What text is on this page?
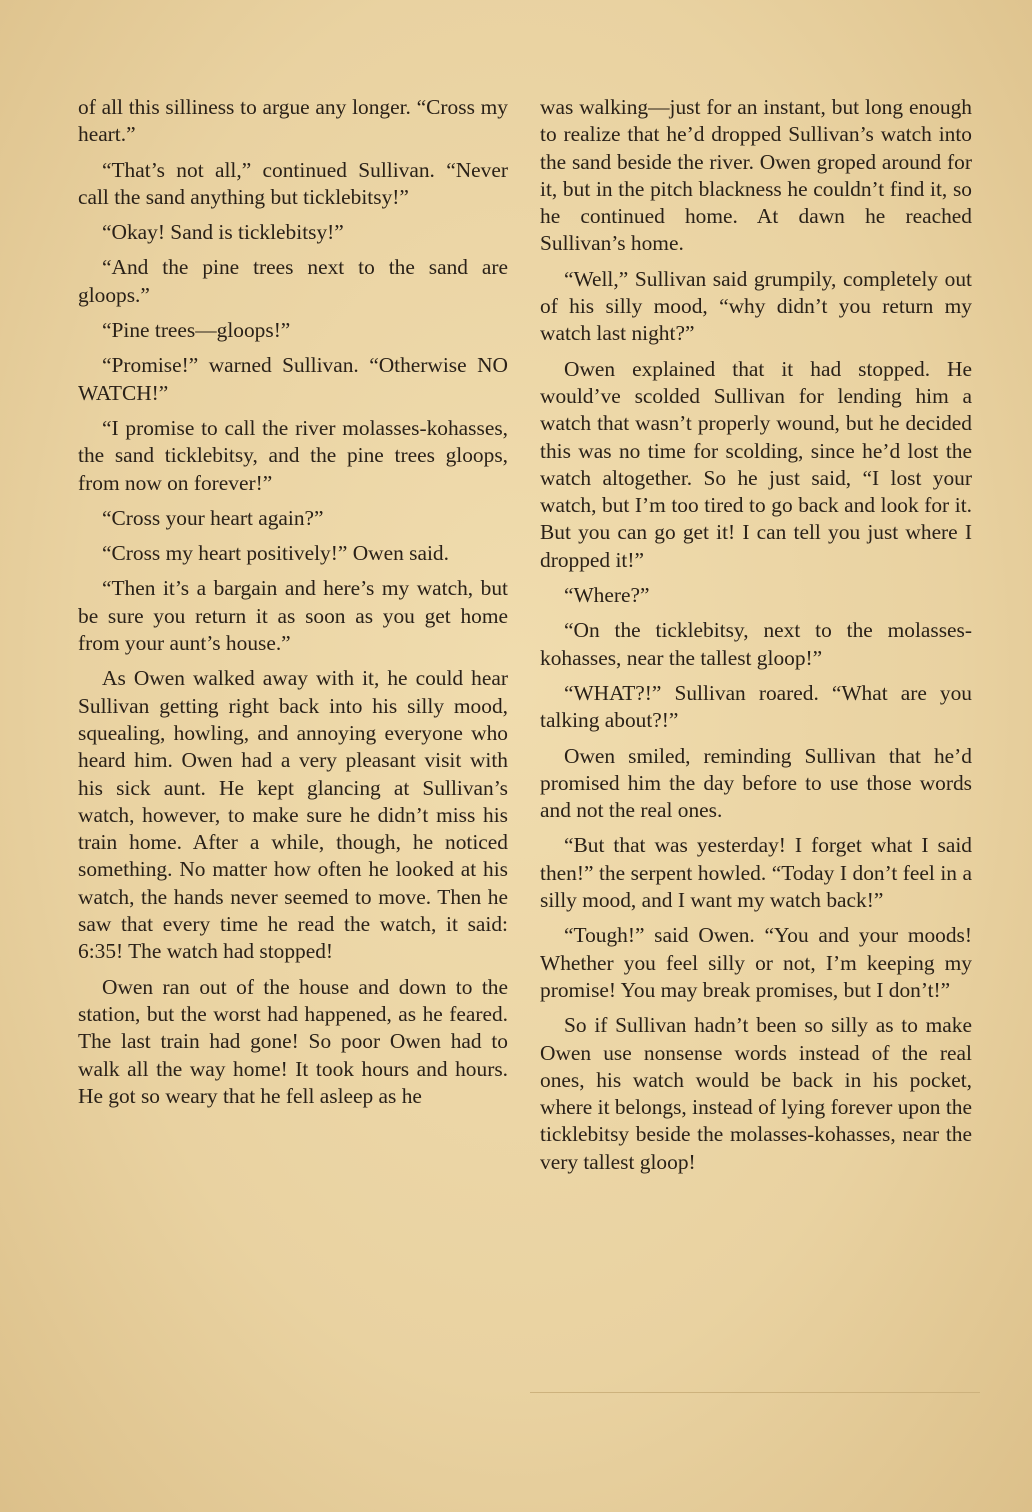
of all this silliness to argue any longer. “Cross my heart.”

“That’s not all,” continued Sullivan. “Never call the sand anything but ticklebitsy!”

“Okay! Sand is ticklebitsy!”

“And the pine trees next to the sand are gloops.”

“Pine trees—gloops!”

“Promise!” warned Sullivan. “Otherwise NO WATCH!”

“I promise to call the river molasses-kohasses, the sand ticklebitsy, and the pine trees gloops, from now on forever!”

“Cross your heart again?”

“Cross my heart positively!” Owen said.

“Then it’s a bargain and here’s my watch, but be sure you return it as soon as you get home from your aunt’s house.”

As Owen walked away with it, he could hear Sullivan getting right back into his silly mood, squealing, howling, and annoying everyone who heard him. Owen had a very pleasant visit with his sick aunt. He kept glancing at Sullivan’s watch, however, to make sure he didn’t miss his train home. After a while, though, he noticed something. No matter how often he looked at his watch, the hands never seemed to move. Then he saw that every time he read the watch, it said: 6:35! The watch had stopped!

Owen ran out of the house and down to the station, but the worst had happened, as he feared. The last train had gone! So poor Owen had to walk all the way home! It took hours and hours. He got so weary that he fell asleep as he

was walking—just for an instant, but long enough to realize that he’d dropped Sullivan’s watch into the sand beside the river. Owen groped around for it, but in the pitch blackness he couldn’t find it, so he continued home. At dawn he reached Sullivan’s home.

“Well,” Sullivan said grumpily, completely out of his silly mood, “why didn’t you return my watch last night?”

Owen explained that it had stopped. He would’ve scolded Sullivan for lending him a watch that wasn’t properly wound, but he decided this was no time for scolding, since he’d lost the watch altogether. So he just said, “I lost your watch, but I’m too tired to go back and look for it. But you can go get it! I can tell you just where I dropped it!”

“Where?”

“On the ticklebitsy, next to the molasses-kohasses, near the tallest gloop!”

“WHAT?!” Sullivan roared. “What are you talking about?!”

Owen smiled, reminding Sullivan that he’d promised him the day before to use those words and not the real ones.

“But that was yesterday! I forget what I said then!” the serpent howled. “Today I don’t feel in a silly mood, and I want my watch back!”

“Tough!” said Owen. “You and your moods! Whether you feel silly or not, I’m keeping my promise! You may break promises, but I don’t!”

So if Sullivan hadn’t been so silly as to make Owen use nonsense words instead of the real ones, his watch would be back in his pocket, where it belongs, instead of lying forever upon the ticklebitsy beside the molasses-kohasses, near the very tallest gloop!
